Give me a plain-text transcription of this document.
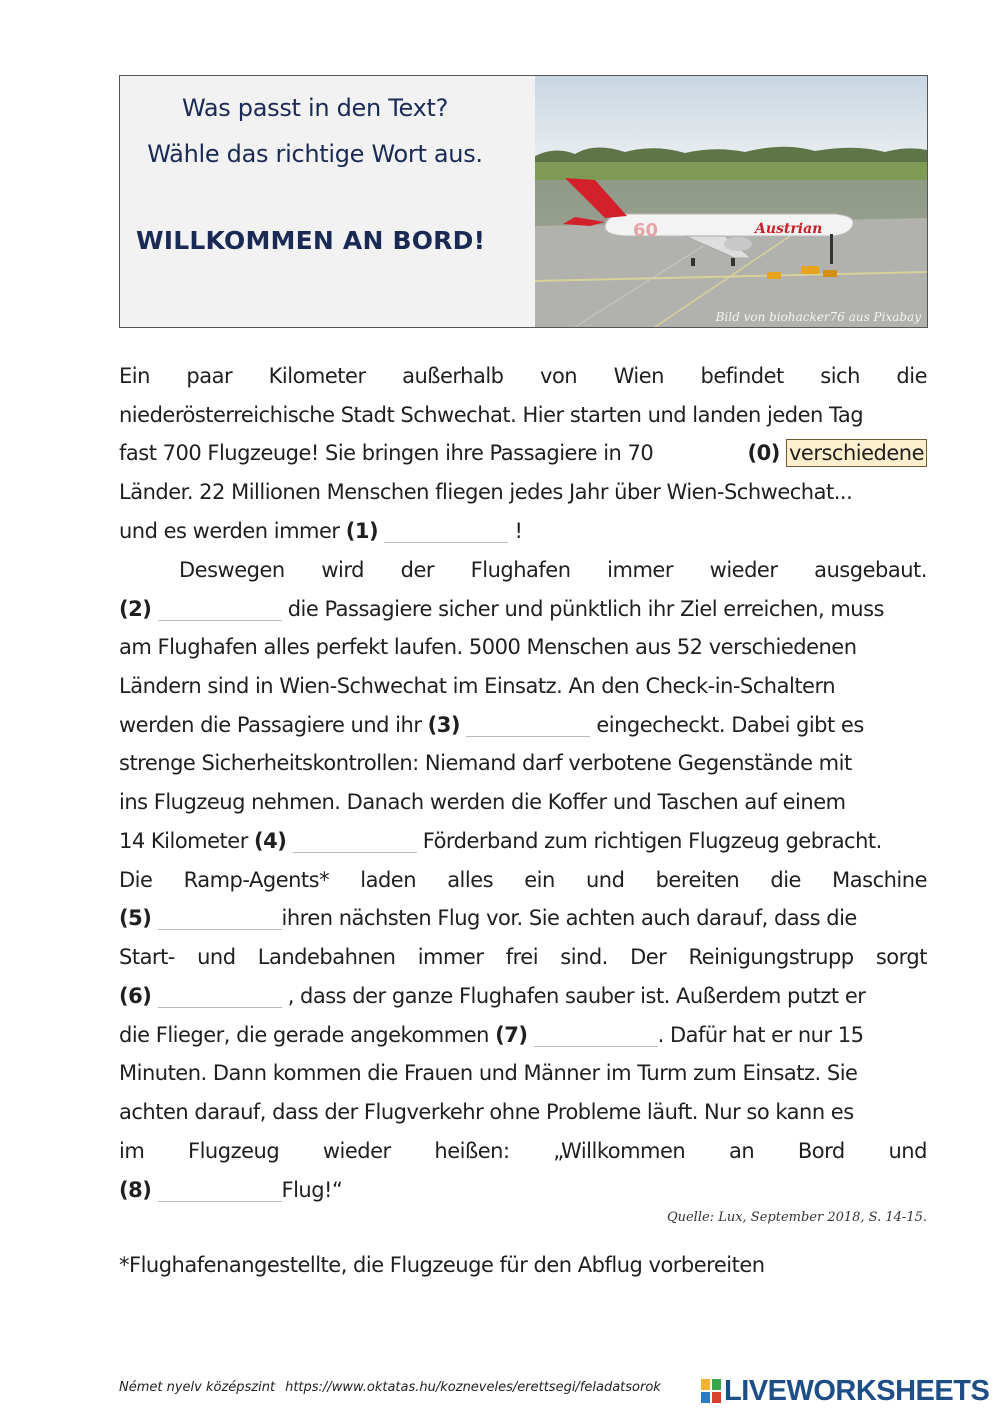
Was passt in den Text?
Wähle das richtige Wort aus.
WILLKOMMEN AN BORD!	Austrian
60
Bild von biohacker76 aus Pixabay
Ein paar Kilometer außerhalb von Wien befindet sich die
niederösterreichische Stadt Schwechat. Hier starten und landen jeden Tag
fast 700 Flugzeuge! Sie bringen ihre Passagiere in 70	(0) verschiedene
Länder. 22 Millionen Menschen fliegen jedes Jahr über Wien-Schwechat...
und es werden immer (1)	!
Deswegen wird der Flughafen immer wieder ausgebaut.
(2)	die Passagiere sicher und pünktlich ihr Ziel erreichen, muss
am Flughafen alles perfekt laufen. 5000 Menschen aus 52 verschiedenen
Ländern sind in Wien-Schwechat im Einsatz. An den Check-in-Schaltern
werden die Passagiere und ihr (3)	eingecheckt. Dabei gibt es
strenge Sicherheitskontrollen: Niemand darf verbotene Gegenstände mit
ins Flugzeug nehmen. Danach werden die Koffer und Taschen auf einem
14 Kilometer (4)	Förderband zum richtigen Flugzeug gebracht.
Die Ramp-Agents* laden alles ein und bereiten die Maschine
(5)	ihren nächsten Flug vor. Sie achten auch darauf, dass die
Start- und Landebahnen immer frei sind. Der Reinigungstrupp sorgt
(6)	, dass der ganze Flughafen sauber ist. Außerdem putzt er
die Flieger, die gerade angekommen (7)	. Dafür hat er nur 15
Minuten. Dann kommen die Frauen und Männer im Turm zum Einsatz. Sie
achten darauf, dass der Flugverkehr ohne Probleme läuft. Nur so kann es
im Flugzeug wieder heißen: „Willkommen an Bord und
(8)	Flug!“
Quelle: Lux, September 2018, S. 14-15.
*Flughafenangestellte, die Flugzeuge für den Abflug vorbereiten
Német nyelv középszint https://www.oktatas.hu/kozneveles/erettsegi/feladatsorok	LIVEWORKSHEETS
